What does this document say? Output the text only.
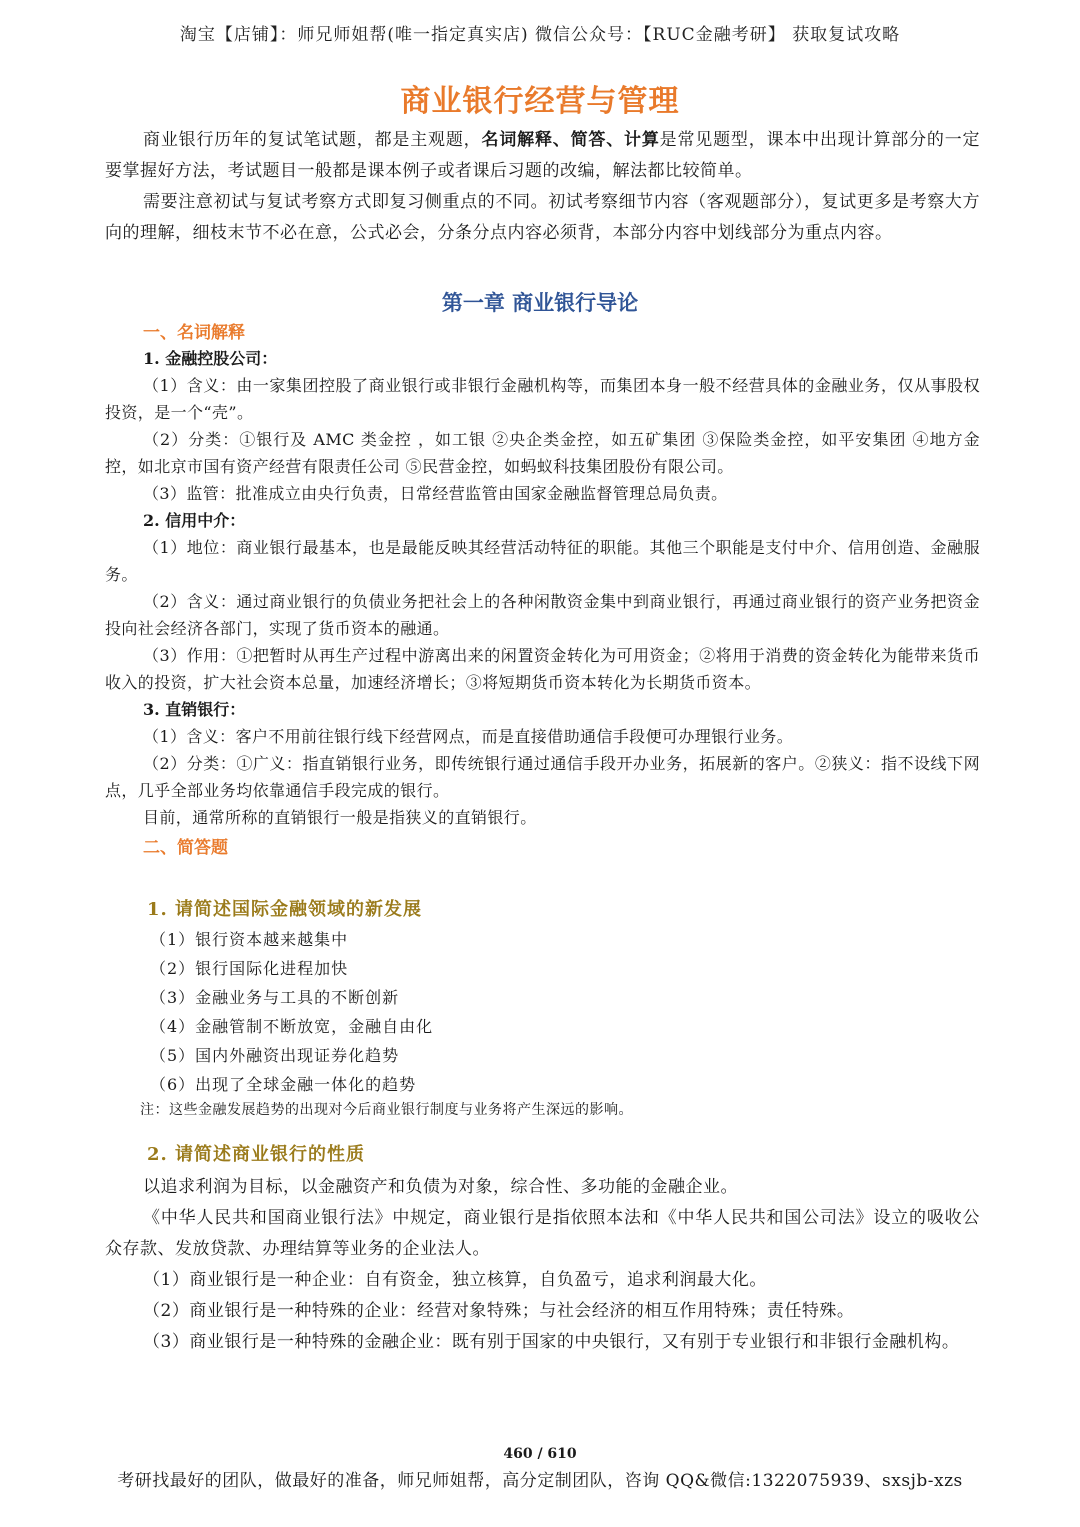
淘宝【店铺】：师兄师姐帮(唯一指定真实店) 微信公众号：【RUC金融考研】 获取复试攻略
商业银行经营与管理

商业银行历年的复试笔试题，都是主观题，名词解释、简答、计算是常见题型，课本中出现计算部分的一定要掌握好方法，考试题目一般都是课本例子或者课后习题的改编，解法都比较简单。

需要注意初试与复试考察方式即复习侧重点的不同。初试考察细节内容（客观题部分），复试更多是考察大方向的理解，细枝末节不必在意，公式必会，分条分点内容必须背，本部分内容中划线部分为重点内容。

第一章 商业银行导论
一、名词解释
1. 金融控股公司：

（1）含义：由一家集团控股了商业银行或非银行金融机构等，而集团本身一般不经营具体的金融业务，仅从事股权投资，是一个“壳”。

（2）分类：①银行及 AMC 类金控 ，如工银 ②央企类金控，如五矿集团 ③保险类金控，如平安集团 ④地方金控，如北京市国有资产经营有限责任公司 ⑤民营金控，如蚂蚁科技集团股份有限公司。

（3）监管：批准成立由央行负责，日常经营监管由国家金融监督管理总局负责。

2. 信用中介：

（1）地位：商业银行最基本，也是最能反映其经营活动特征的职能。其他三个职能是支付中介、信用创造、金融服务。

（2）含义：通过商业银行的负债业务把社会上的各种闲散资金集中到商业银行，再通过商业银行的资产业务把资金投向社会经济各部门，实现了货币资本的融通。

（3）作用：①把暂时从再生产过程中游离出来的闲置资金转化为可用资金；②将用于消费的资金转化为能带来货币收入的投资，扩大社会资本总量，加速经济增长；③将短期货币资本转化为长期货币资本。

3. 直销银行：

（1）含义：客户不用前往银行线下经营网点，而是直接借助通信手段便可办理银行业务。

（2）分类：①广义：指直销银行业务，即传统银行通过通信手段开办业务，拓展新的客户。②狭义：指不设线下网点，几乎全部业务均依靠通信手段完成的银行。

目前，通常所称的直销银行一般是指狭义的直销银行。

二、简答题
1. 请简述国际金融领域的新发展

（1）银行资本越来越集中

（2）银行国际化进程加快

（3）金融业务与工具的不断创新

（4）金融管制不断放宽，金融自由化

（5）国内外融资出现证券化趋势

（6）出现了全球金融一体化的趋势

注：这些金融发展趋势的出现对今后商业银行制度与业务将产生深远的影响。

2. 请简述商业银行的性质

以追求利润为目标，以金融资产和负债为对象，综合性、多功能的金融企业。

《中华人民共和国商业银行法》中规定，商业银行是指依照本法和《中华人民共和国公司法》设立的吸收公众存款、发放贷款、办理结算等业务的企业法人。

（1）商业银行是一种企业：自有资金，独立核算，自负盈亏，追求利润最大化。

（2）商业银行是一种特殊的企业：经营对象特殊；与社会经济的相互作用特殊；责任特殊。

（3）商业银行是一种特殊的金融企业：既有别于国家的中央银行，又有别于专业银行和非银行金融机构。

460 / 610
考研找最好的团队，做最好的准备，师兄师姐帮，高分定制团队，咨询 QQ&微信:1322075939、sxsjb-xzs
